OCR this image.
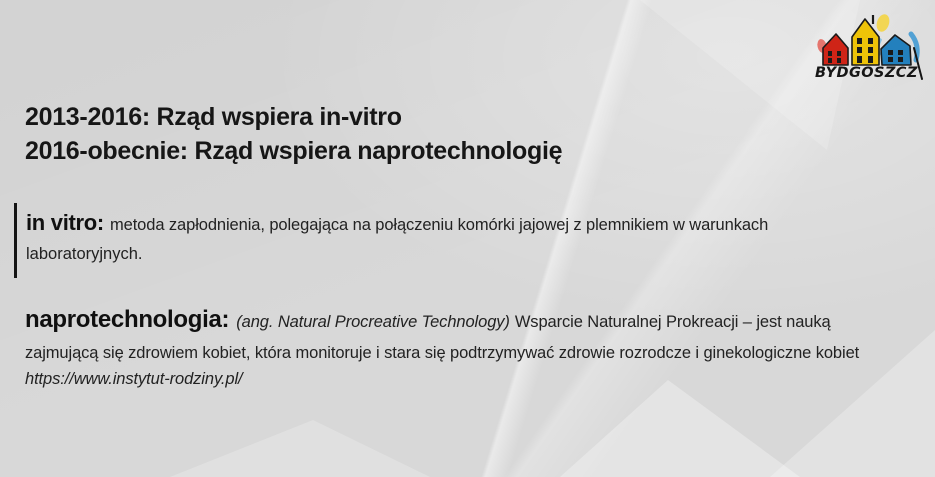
BYDGOSZCZ
2013-2016: Rząd wspiera in-vitro
2016-obecnie: Rząd wspiera naprotechnologię
in vitro: metoda zapłodnienia, polegająca na połączeniu komórki jajowej z plemnikiem w warunkach
laboratoryjnych.
naprotechnologia: (ang. Natural Procreative Technology) Wsparcie Naturalnej Prokreacji – jest nauką
zajmującą się zdrowiem kobiet, która monitoruje i stara się podtrzymywać zdrowie rozrodcze i ginekologiczne kobiet
https://www.instytut-rodziny.pl/
